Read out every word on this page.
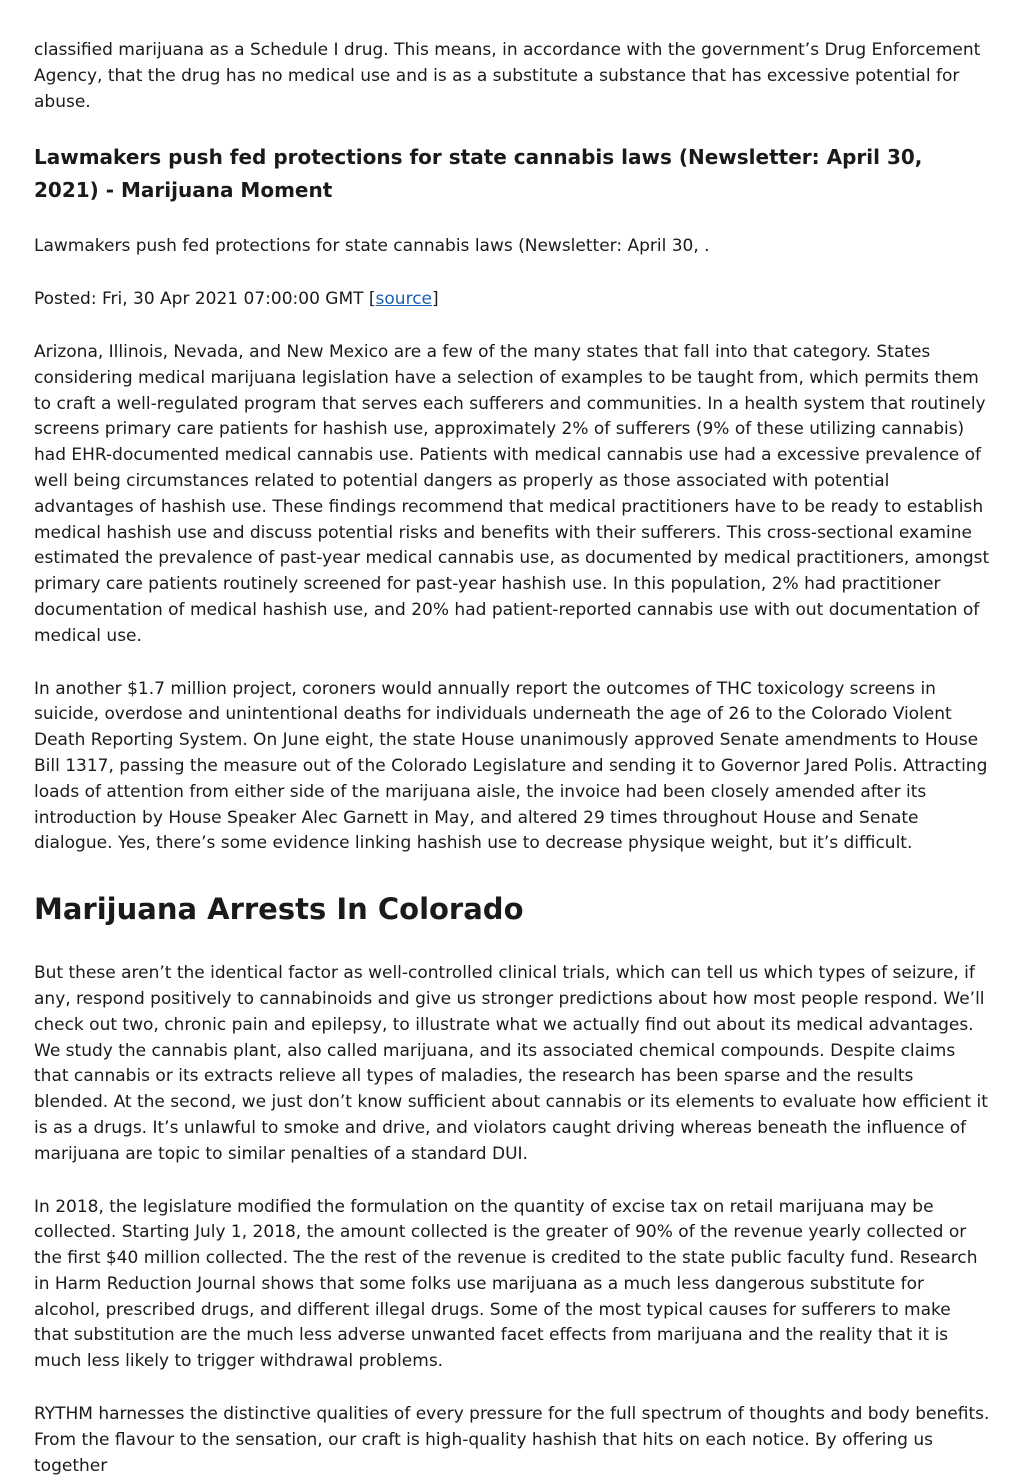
classified marijuana as a Schedule I drug. This means, in accordance with the government’s Drug Enforcement Agency, that the drug has no medical use and is as a substitute a substance that has excessive potential for abuse.

Lawmakers push fed protections for state cannabis laws (Newsletter: April 30, 2021) - Marijuana Moment

Lawmakers push fed protections for state cannabis laws (Newsletter: April 30, .

Posted: Fri, 30 Apr 2021 07:00:00 GMT [source]

Arizona, Illinois, Nevada, and New Mexico are a few of the many states that fall into that category. States considering medical marijuana legislation have a selection of examples to be taught from, which permits them to craft a well-regulated program that serves each sufferers and communities. In a health system that routinely screens primary care patients for hashish use, approximately 2% of sufferers (9% of these utilizing cannabis) had EHR-documented medical cannabis use. Patients with medical cannabis use had a excessive prevalence of well being circumstances related to potential dangers as properly as those associated with potential advantages of hashish use. These findings recommend that medical practitioners have to be ready to establish medical hashish use and discuss potential risks and benefits with their sufferers. This cross-sectional examine estimated the prevalence of past-year medical cannabis use, as documented by medical practitioners, amongst primary care patients routinely screened for past-year hashish use. In this population, 2% had practitioner documentation of medical hashish use, and 20% had patient-reported cannabis use with out documentation of medical use.

In another $1.7 million project, coroners would annually report the outcomes of THC toxicology screens in suicide, overdose and unintentional deaths for individuals underneath the age of 26 to the Colorado Violent Death Reporting System. On June eight, the state House unanimously approved Senate amendments to House Bill 1317, passing the measure out of the Colorado Legislature and sending it to Governor Jared Polis. Attracting loads of attention from either side of the marijuana aisle, the invoice had been closely amended after its introduction by House Speaker Alec Garnett in May, and altered 29 times throughout House and Senate dialogue. Yes, there’s some evidence linking hashish use to decrease physique weight, but it’s difficult.

Marijuana Arrests In Colorado

But these aren’t the identical factor as well-controlled clinical trials, which can tell us which types of seizure, if any, respond positively to cannabinoids and give us stronger predictions about how most people respond. We’ll check out two, chronic pain and epilepsy, to illustrate what we actually find out about its medical advantages. We study the cannabis plant, also called marijuana, and its associated chemical compounds. Despite claims that cannabis or its extracts relieve all types of maladies, the research has been sparse and the results blended. At the second, we just don’t know sufficient about cannabis or its elements to evaluate how efficient it is as a drugs. It’s unlawful to smoke and drive, and violators caught driving whereas beneath the influence of marijuana are topic to similar penalties of a standard DUI.

In 2018, the legislature modified the formulation on the quantity of excise tax on retail marijuana may be collected. Starting July 1, 2018, the amount collected is the greater of 90% of the revenue yearly collected or the first $40 million collected. The the rest of the revenue is credited to the state public faculty fund. Research in Harm Reduction Journal shows that some folks use marijuana as a much less dangerous substitute for alcohol, prescribed drugs, and different illegal drugs. Some of the most typical causes for sufferers to make that substitution are the much less adverse unwanted facet effects from marijuana and the reality that it is much less likely to trigger withdrawal problems.

RYTHM harnesses the distinctive qualities of every pressure for the full spectrum of thoughts and body benefits. From the flavour to the sensation, our craft is high-quality hashish that hits on each notice. By offering us together
